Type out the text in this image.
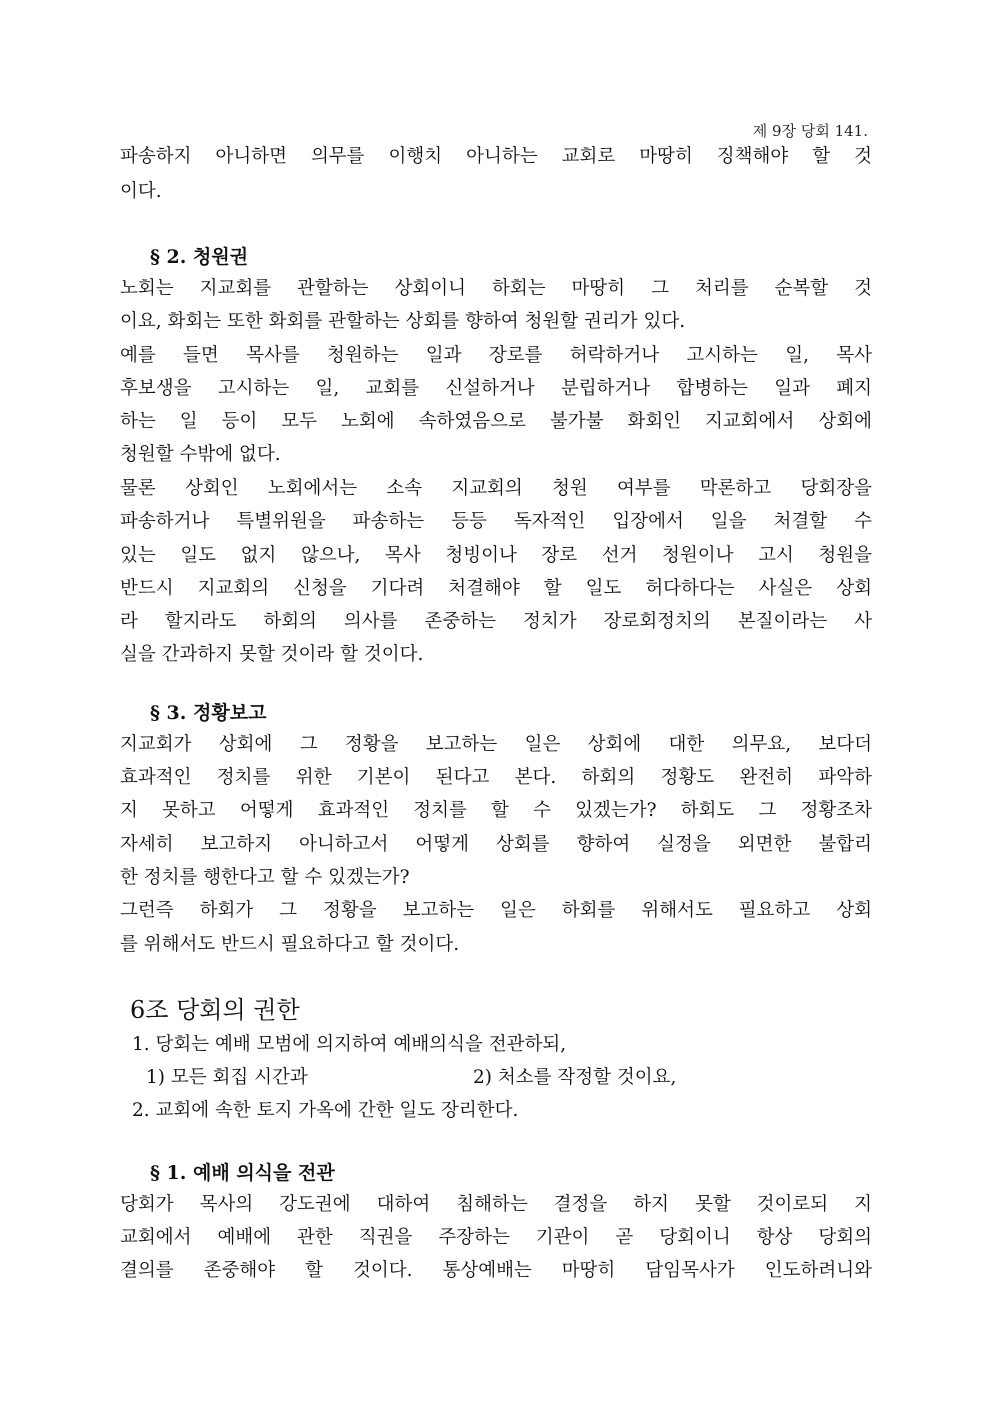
제 9장 당회 141.
파송하지 아니하면 의무를 이행치 아니하는 교회로 마땅히 징책해야 할 것
이다.
§ 2. 청원권
노회는 지교회를 관할하는 상회이니 하회는 마땅히 그 처리를 순복할 것
이요, 화회는 또한 화회를 관할하는 상회를 향하여 청원할 권리가 있다.
예를 들면 목사를 청원하는 일과 장로를 허락하거나 고시하는 일, 목사
후보생을 고시하는 일, 교회를 신설하거나 분립하거나 합병하는 일과 폐지
하는 일 등이 모두 노회에 속하였음으로 불가불 화회인 지교회에서 상회에
청원할 수밖에 없다.
물론 상회인 노회에서는 소속 지교회의 청원 여부를 막론하고 당회장을
파송하거나 특별위원을 파송하는 등등 독자적인 입장에서 일을 처결할 수
있는 일도 없지 않으나, 목사 청빙이나 장로 선거 청원이나 고시 청원을
반드시 지교회의 신청을 기다려 처결해야 할 일도 허다하다는 사실은 상회
라 할지라도 하회의 의사를 존중하는 정치가 장로회정치의 본질이라는 사
실을 간과하지 못할 것이라 할 것이다.
§ 3. 정황보고
지교회가 상회에 그 정황을 보고하는 일은 상회에 대한 의무요, 보다더
효과적인 정치를 위한 기본이 된다고 본다. 하회의 정황도 완전히 파악하
지 못하고 어떻게 효과적인 정치를 할 수 있겠는가? 하회도 그 정황조차
자세히 보고하지 아니하고서 어떻게 상회를 향하여 실정을 외면한 불합리
한 정치를 행한다고 할 수 있겠는가?
그런즉 하회가 그 정황을 보고하는 일은 하회를 위해서도 필요하고 상회
를 위해서도 반드시 필요하다고 할 것이다.
6조 당회의 권한
1. 당회는 예배 모범에 의지하여 예배의식을 전관하되,
1) 모든 회집 시간과	2) 처소를 작정할 것이요,
2. 교회에 속한 토지 가옥에 간한 일도 장리한다.
§ 1. 예배 의식을 전관
당회가 목사의 강도권에 대하여 침해하는 결정을 하지 못할 것이로되 지
교회에서 예배에 관한 직권을 주장하는 기관이 곧 당회이니 항상 당회의
결의를 존중해야 할 것이다. 통상예배는 마땅히 담임목사가 인도하려니와
